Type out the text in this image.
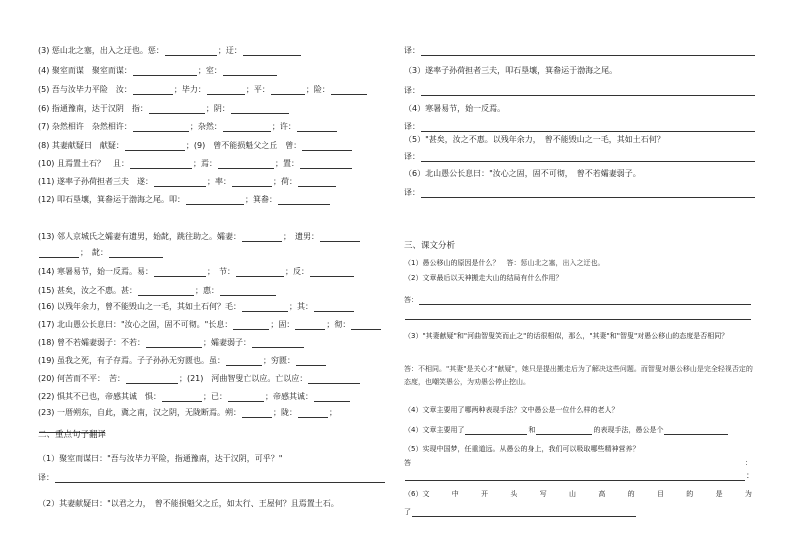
(3) 惩山北之塞，出入之迂也。惩：	；迂：
(4) 聚室而谋　聚室而谋：	；室：
(5) 吾与汝毕力平险　汝：	；毕力：	；平：	；险：
(6) 指通豫南，达于汉阴　指：	；阴：
(7) 杂然相许　杂然相许：	；杂然：	；许：
(8) 其妻献疑曰　献疑：	；(9)　曾不能损魁父之丘　曾：
(10) 且焉置土石？　且：	；焉：	；置：
(11) 遂率子孙荷担者三夫　遂：	；率：	；荷：
(12) 叩石垦壤，箕畚运于渤海之尾。叩：	；箕畚：
(13) 邻人京城氏之孀妻有遗男，始龀，跳往助之。孀妻：	；　遗男：
；　龀：
(14) 寒暑易节，始一反焉。易：	；　节：	；反：
(15) 甚矣，汝之不惠。甚：	；惠：
(16) 以残年余力，曾不能毁山之一毛，其如土石何？毛：	；其：
(17) 北山愚公长息曰："汝心之固，固不可彻。"长息：	；固：	；彻：
(18) 曾不若孀妻弱子：不若：	；孀妻弱子：
(19) 虽我之死，有子存焉。子子孙孙无穷匮也。虽：	；穷匮：
(20) 何苦而不平：　苦：	；(21)　河曲智叟亡以应。亡以应：
(22) 惧其不已也，帝感其诚　惧：	；已：	；帝感其诚：
(23) 一厝朔东，自此，冀之南，汉之阴，无陇断焉。朔：	；陇：	；
二、重点句子翻译
（1）聚室而谋曰："吾与汝毕力平险，指通豫南，达于汉阴，可乎？"
译：
（2）其妻献疑曰："以君之力，　曾不能损魁父之丘，如太行、王屋何？且焉置土石。
译：
（3）遂率子孙荷担者三夫，叩石垦壤，箕畚运于渤海之尾。
译：
（4）寒暑易节，始一反焉。
译：
（5）"甚矣，汝之不惠。以残年余力，　曾不能毁山之一毛，其如土石何？
译：
（6）北山愚公长息曰："汝心之固，固不可彻，　曾不若孀妻弱子。
译：
三、课文分析
（1）愚公移山的原因是什么？　答：惩山北之塞，出入之迂也。
（2）文章最后以天神搬走大山的结局有什么作用？
答：
（3）"其妻献疑"和"河曲智叟笑而止之"的话很相似，那么，"其妻"和"智叟"对愚公移山的态度是否相同？
答：不相同。"其妻"是关心才"献疑"，她只是提出搬走后为了解决这些问题。而智叟对愚公移山是完全轻视否定的态度，也嘲笑愚公，为劝愚公停止挖山。
（4）文章主要用了哪两种表现手法？文中愚公是一位什么样的老人？
（4）文章主要用了	和	的表现手法，愚公是个
（5）实现中国梦，任重道远。从愚公的身上，我们可以吸取哪些精神营养？
答	：
：
（6）文	中	开	头	写	山	高	的	目	的	是	为
了
